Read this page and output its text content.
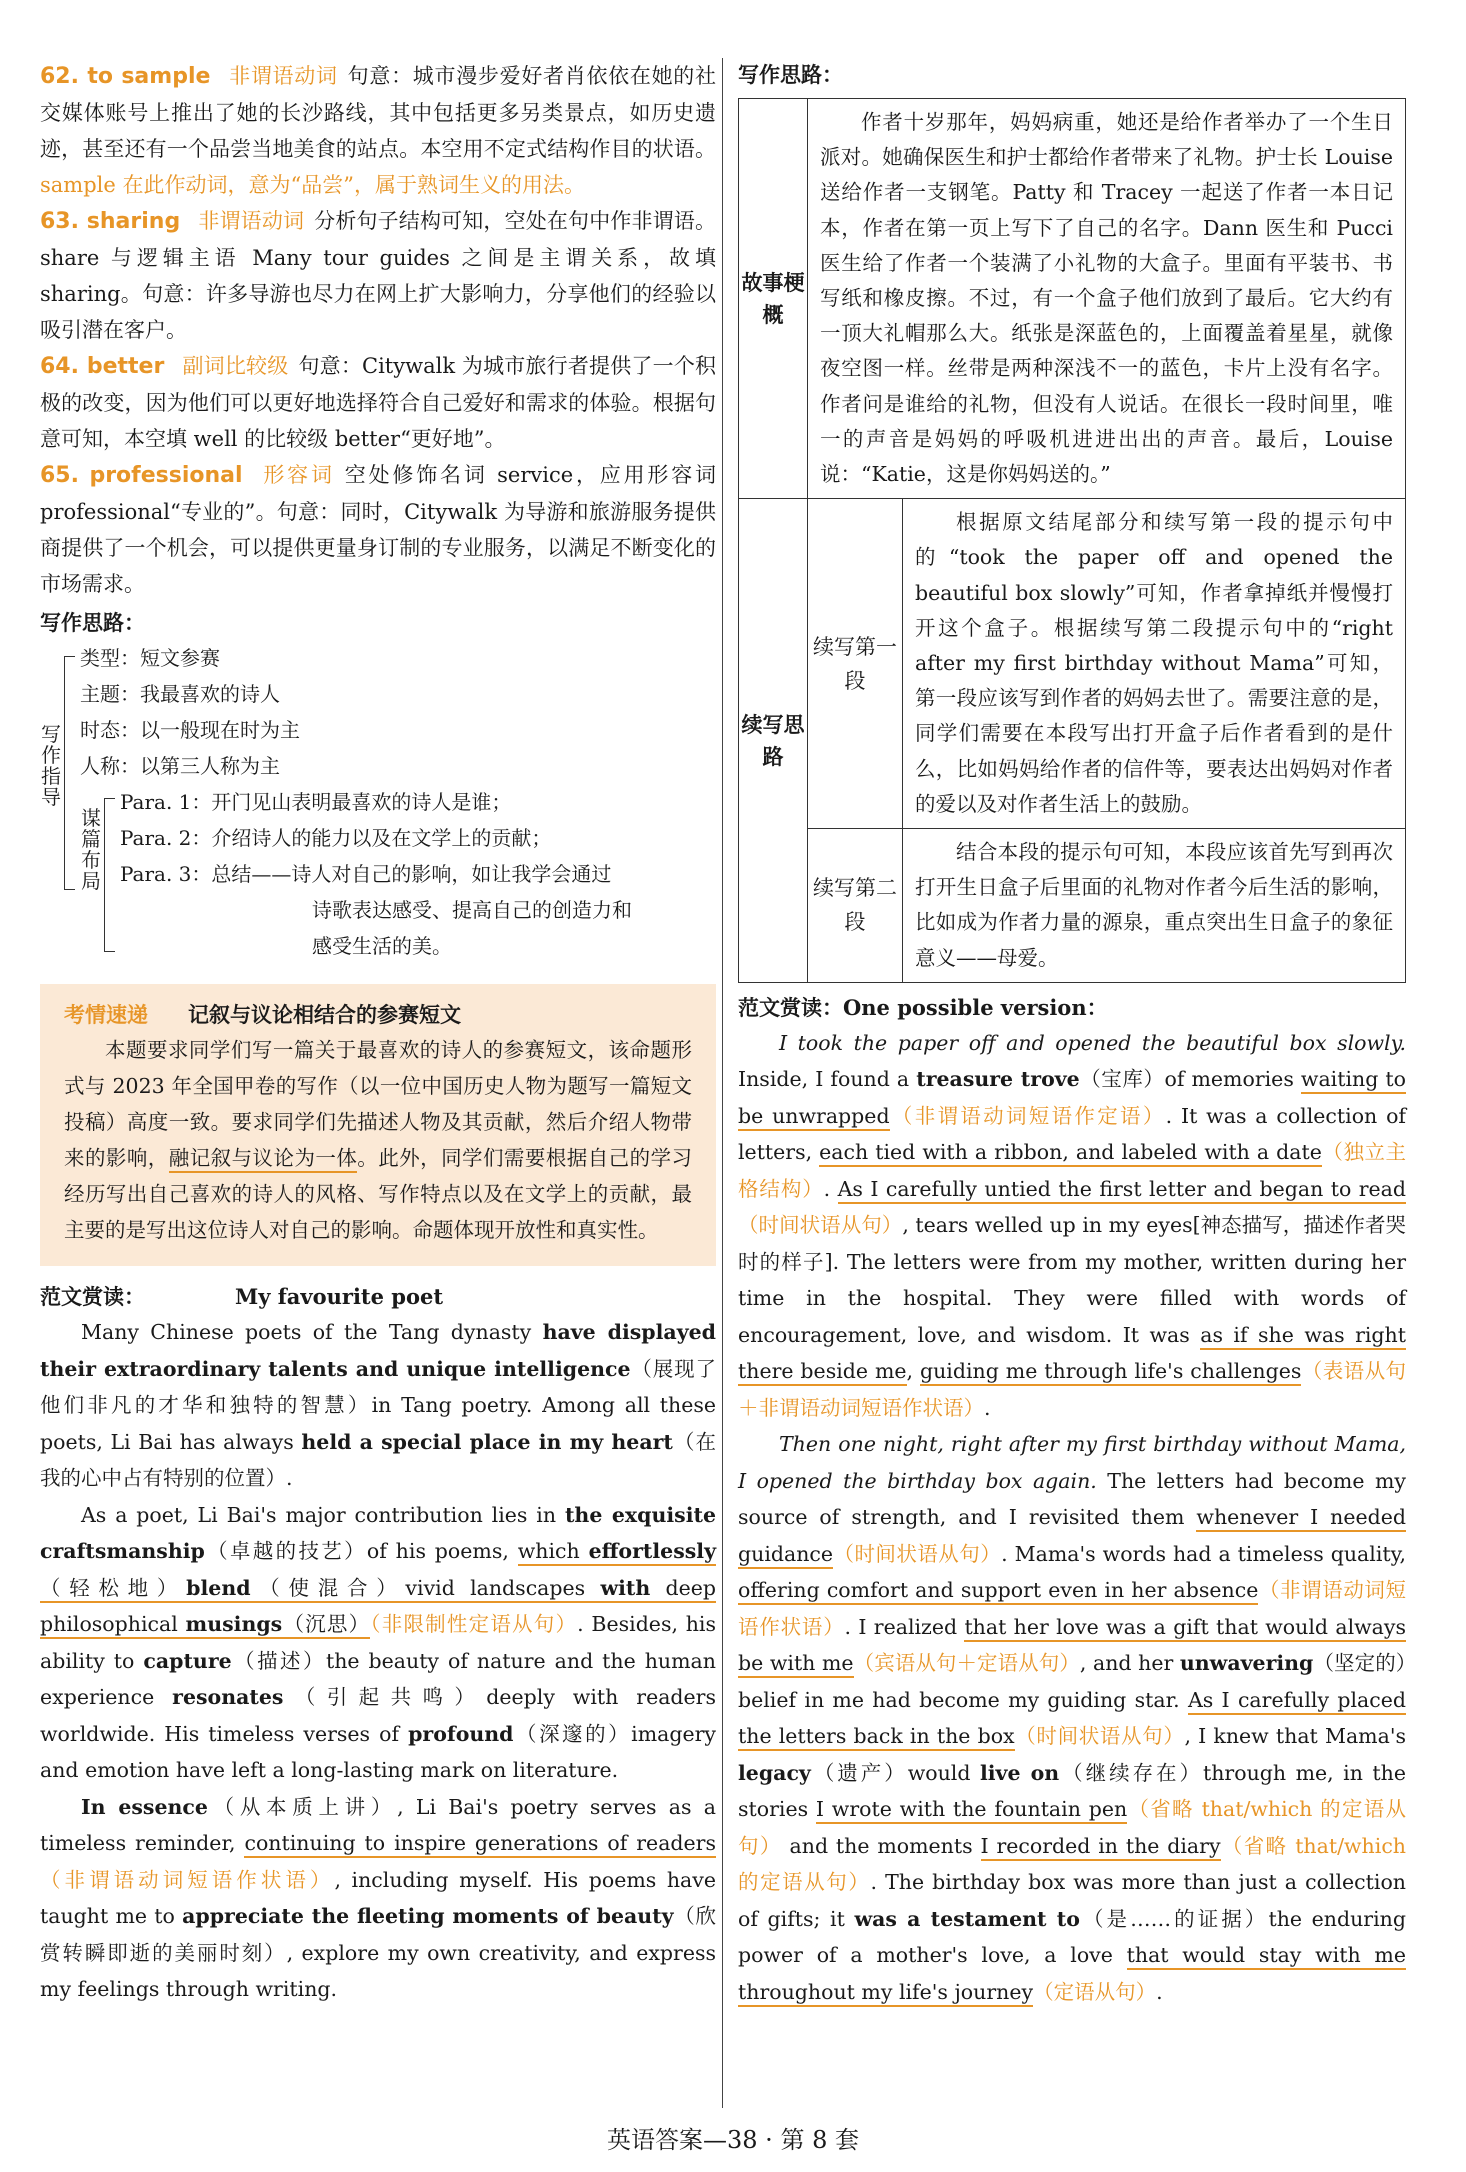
62. to sample 非谓语动词 句意：城市漫步爱好者肖依依在她的社交媒体账号上推出了她的长沙路线，其中包括更多另类景点，如历史遗迹，甚至还有一个品尝当地美食的站点。本空用不定式结构作目的状语。sample 在此作动词，意为“品尝”，属于熟词生义的用法。

63. sharing 非谓语动词 分析句子结构可知，空处在句中作非谓语。share 与逻辑主语 Many tour guides 之间是主谓关系，故填 sharing。句意：许多导游也尽力在网上扩大影响力，分享他们的经验以吸引潜在客户。

64. better 副词比较级 句意：Citywalk 为城市旅行者提供了一个积极的改变，因为他们可以更好地选择符合自己爱好和需求的体验。根据句意可知，本空填 well 的比较级 better“更好地”。

65. professional 形容词 空处修饰名词 service，应用形容词 professional“专业的”。句意：同时，Citywalk 为导游和旅游服务提供商提供了一个机会，可以提供更量身订制的专业服务，以满足不断变化的市场需求。

写作思路：

写作指导
类型：短文参赛
主题：我最喜欢的诗人
时态：以一般现在时为主
人称：以第三人称为主
谋篇布局
Para. 1：开门见山表明最喜欢的诗人是谁；
Para. 2：介绍诗人的能力以及在文学上的贡献；
Para. 3：总结——诗人对自己的影响，如让我学会通过
诗歌表达感受、提高自己的创造力和
感受生活的美。
考情速递 记叙与议论相结合的参赛短文

本题要求同学们写一篇关于最喜欢的诗人的参赛短文，该命题形式与 2023 年全国甲卷的写作（以一位中国历史人物为题写一篇短文投稿）高度一致。要求同学们先描述人物及其贡献，然后介绍人物带来的影响，融记叙与议论为一体。此外，同学们需要根据自己的学习经历写出自己喜欢的诗人的风格、写作特点以及在文学上的贡献，最主要的是写出这位诗人对自己的影响。命题体现开放性和真实性。

范文赏读：	My favourite poet

Many Chinese poets of the Tang dynasty have displayed their extraordinary talents and unique intelligence（展现了他们非凡的才华和独特的智慧）in Tang poetry. Among all these poets, Li Bai has always held a special place in my heart（在我的心中占有特别的位置）.

As a poet, Li Bai's major contribution lies in the exquisite craftsmanship（卓越的技艺）of his poems, which effortlessly（轻松地）blend（使混合）vivid landscapes with deep philosophical musings（沉思）（非限制性定语从句）. Besides, his ability to capture（描述）the beauty of nature and the human experience resonates（引起共鸣）deeply with readers worldwide. His timeless verses of profound（深邃的）imagery and emotion have left a long-lasting mark on literature.

In essence（从本质上讲）, Li Bai's poetry serves as a timeless reminder, continuing to inspire generations of readers（非谓语动词短语作状语）, including myself. His poems have taught me to appreciate the fleeting moments of beauty（欣赏转瞬即逝的美丽时刻）, explore my own creativity, and express my feelings through writing.

写作思路：

故事梗概	作者十岁那年，妈妈病重，她还是给作者举办了一个生日派对。她确保医生和护士都给作者带来了礼物。护士长 Louise 送给作者一支钢笔。Patty 和 Tracey 一起送了作者一本日记本，作者在第一页上写下了自己的名字。Dann 医生和 Pucci 医生给了作者一个装满了小礼物的大盒子。里面有平装书、书写纸和橡皮擦。不过，有一个盒子他们放到了最后。它大约有一顶大礼帽那么大。纸张是深蓝色的，上面覆盖着星星，就像夜空图一样。丝带是两种深浅不一的蓝色，卡片上没有名字。作者问是谁给的礼物，但没有人说话。在很长一段时间里，唯一的声音是妈妈的呼吸机进进出出的声音。最后，Louise 说：“Katie，这是你妈妈送的。”	
续写思路	续写第一段	根据原文结尾部分和续写第一段的提示句中的“took the paper off and opened the beautiful box slowly”可知，作者拿掉纸并慢慢打开这个盒子。根据续写第二段提示句中的“right after my first birthday without Mama”可知，第一段应该写到作者的妈妈去世了。需要注意的是，同学们需要在本段写出打开盒子后作者看到的是什么，比如妈妈给作者的信件等，要表达出妈妈对作者的爱以及对作者生活上的鼓励。
	续写第二段	结合本段的提示句可知，本段应该首先写到再次打开生日盒子后里面的礼物对作者今后生活的影响，比如成为作者力量的源泉，重点突出生日盒子的象征意义——母爱。

范文赏读：One possible version：

I took the paper off and opened the beautiful box slowly. Inside, I found a treasure trove（宝库）of memories waiting to be unwrapped（非谓语动词短语作定语）. It was a collection of letters, each tied with a ribbon, and labeled with a date（独立主格结构）. As I carefully untied the first letter and began to read（时间状语从句）, tears welled up in my eyes[神态描写，描述作者哭时的样子]. The letters were from my mother, written during her time in the hospital. They were filled with words of encouragement, love, and wisdom. It was as if she was right there beside me, guiding me through life's challenges（表语从句＋非谓语动词短语作状语）.

Then one night, right after my first birthday without Mama, I opened the birthday box again. The letters had become my source of strength, and I revisited them whenever I needed guidance（时间状语从句）. Mama's words had a timeless quality, offering comfort and support even in her absence（非谓语动词短语作状语）. I realized that her love was a gift that would always be with me（宾语从句＋定语从句）, and her unwavering（坚定的）belief in me had become my guiding star. As I carefully placed the letters back in the box（时间状语从句）, I knew that Mama's legacy（遗产）would live on（继续存在）through me, in the stories I wrote with the fountain pen（省略 that/which 的定语从句） and the moments I recorded in the diary（省略 that/which 的定语从句）. The birthday box was more than just a collection of gifts; it was a testament to（是……的证据）the enduring power of a mother's love, a love that would stay with me throughout my life's journey（定语从句）.

英语答案—38 · 第 8 套
